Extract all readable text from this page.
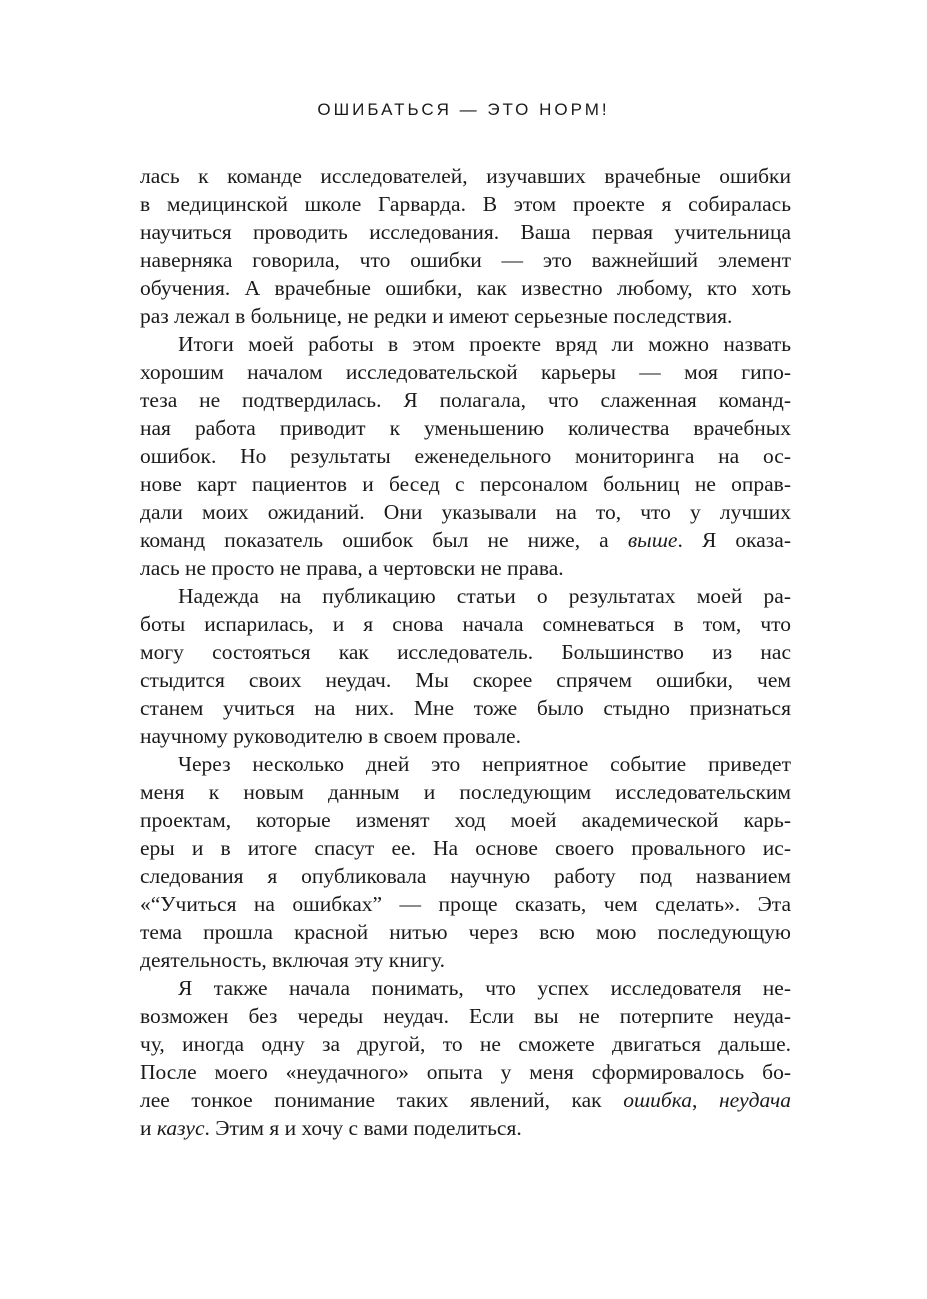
ОШИБАТЬСЯ — ЭТО НОРМ!

лась к команде исследователей, изучавших врачебные ошибки
в медицинской школе Гарварда. В этом проекте я собиралась
научиться проводить исследования. Ваша первая учительница
наверняка говорила, что ошибки — это важнейший элемент
обучения. А врачебные ошибки, как известно любому, кто хоть
раз лежал в больнице, не редки и имеют серьезные последствия.

Итоги моей работы в этом проекте вряд ли можно назвать
хорошим началом исследовательской карьеры — моя гипо-
теза не подтвердилась. Я полагала, что слаженная команд-
ная работа приводит к уменьшению количества врачебных
ошибок. Но результаты еженедельного мониторинга на ос-
нове карт пациентов и бесед с персоналом больниц не оправ-
дали моих ожиданий. Они указывали на то, что у лучших
команд показатель ошибок был не ниже, а выше. Я оказа-
лась не просто не права, а чертовски не права.

Надежда на публикацию статьи о результатах моей ра-
боты испарилась, и я снова начала сомневаться в том, что
могу состояться как исследователь. Большинство из нас
стыдится своих неудач. Мы скорее спрячем ошибки, чем
станем учиться на них. Мне тоже было стыдно признаться
научному руководителю в своем провале.

Через несколько дней это неприятное событие приведет
меня к новым данным и последующим исследовательским
проектам, которые изменят ход моей академической карь-
еры и в итоге спасут ее. На основе своего провального ис-
следования я опубликовала научную работу под названием
«“Учиться на ошибках” — проще сказать, чем сделать». Эта
тема прошла красной нитью через всю мою последующую
деятельность, включая эту книгу.

Я также начала понимать, что успех исследователя не-
возможен без череды неудач. Если вы не потерпите неуда-
чу, иногда одну за другой, то не сможете двигаться дальше.
После моего «неудачного» опыта у меня сформировалось бо-
лее тонкое понимание таких явлений, как ошибка, неудача
и казус. Этим я и хочу с вами поделиться.
